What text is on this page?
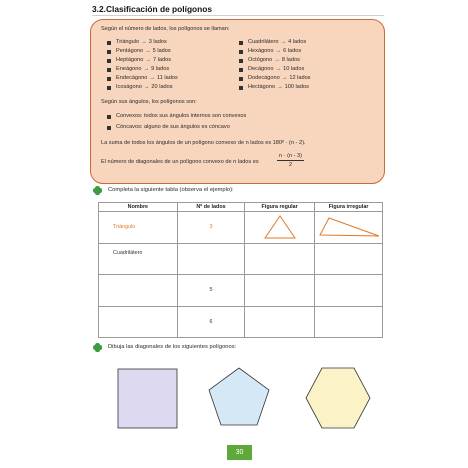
3.2.Clasificación de polígonos
Según el número de lados, los polígonos se llaman:
Triángulo → 3 lados
Pentágono → 5 lados
Heptágono → 7 lados
Eneágono → 9 lados
Endecágono → 11 lados
Icoságono → 20 lados
Cuadrilátero → 4 lados
Hexágono → 6 lados
Octógono → 8 lados
Decágono → 10 lados
Dodecágono → 12 lados
Hectágono → 100 lados
Según sus ángulos, los polígonos son:
Convexos: todos sus ángulos internos son convexos
Cóncavos: alguno de sus ángulos es cóncavo
La suma de todos los ángulos de un polígono convexo de n lados es 180º · (n - 2).
El número de diagonales de un polígono convexo de n lados es	$\frac{n \cdot (n - 3)}{2}$
Completa la siguiente tabla (observa el ejemplo):
Nombre	Nº de lados	Figura regular	Figura irregular
Triángulo	3	

Cuadrilátero			
	5		
	6		
Dibuja las diagonales de los siguientes polígonos:
30
